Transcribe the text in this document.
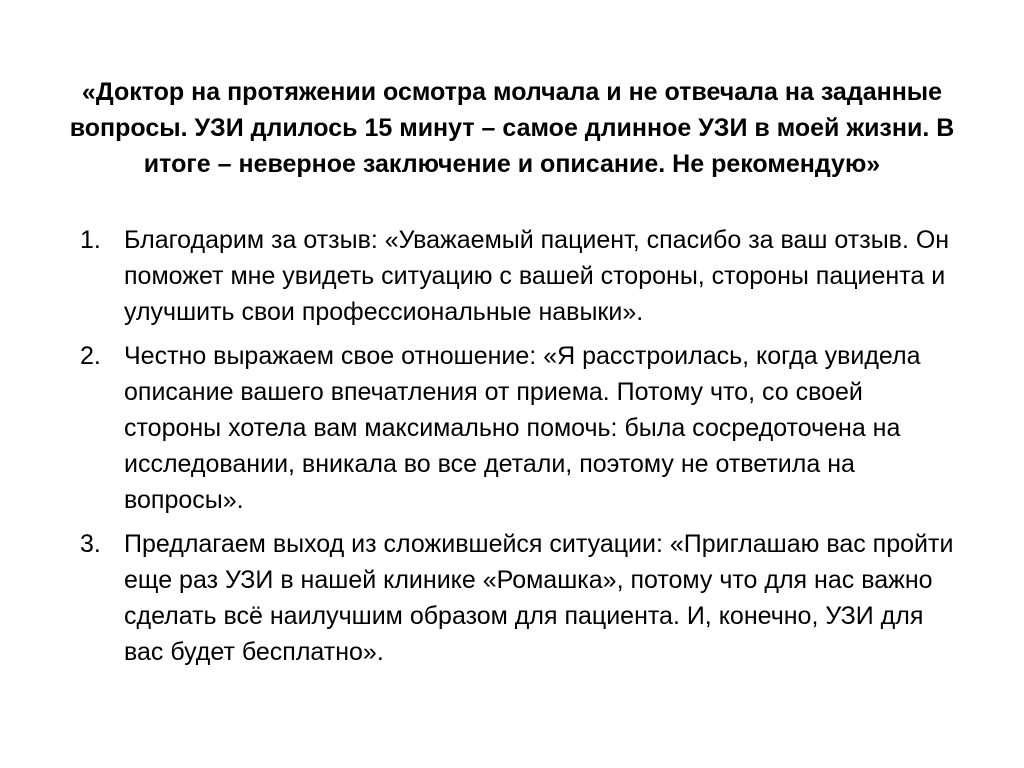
«Доктор на протяжении осмотра молчала и не отвечала на заданные вопросы. УЗИ длилось 15 минут – самое длинное УЗИ в моей жизни. В итоге – неверное заключение и описание. Не рекомендую»

1. Благодарим за отзыв: «Уважаемый пациент, спасибо за ваш отзыв. Он поможет мне увидеть ситуацию с вашей стороны, стороны пациента и улучшить свои профессиональные навыки».
2. Честно выражаем свое отношение: «Я расстроилась, когда увидела описание вашего впечатления от приема. Потому что, со своей стороны хотела вам максимально помочь: была сосредоточена на исследовании, вникала во все детали, поэтому не ответила на вопросы».
3. Предлагаем выход из сложившейся ситуации: «Приглашаю вас пройти еще раз УЗИ в нашей клинике «Ромашка», потому что для нас важно сделать всё наилучшим образом для пациента. И, конечно, УЗИ для вас будет бесплатно».
